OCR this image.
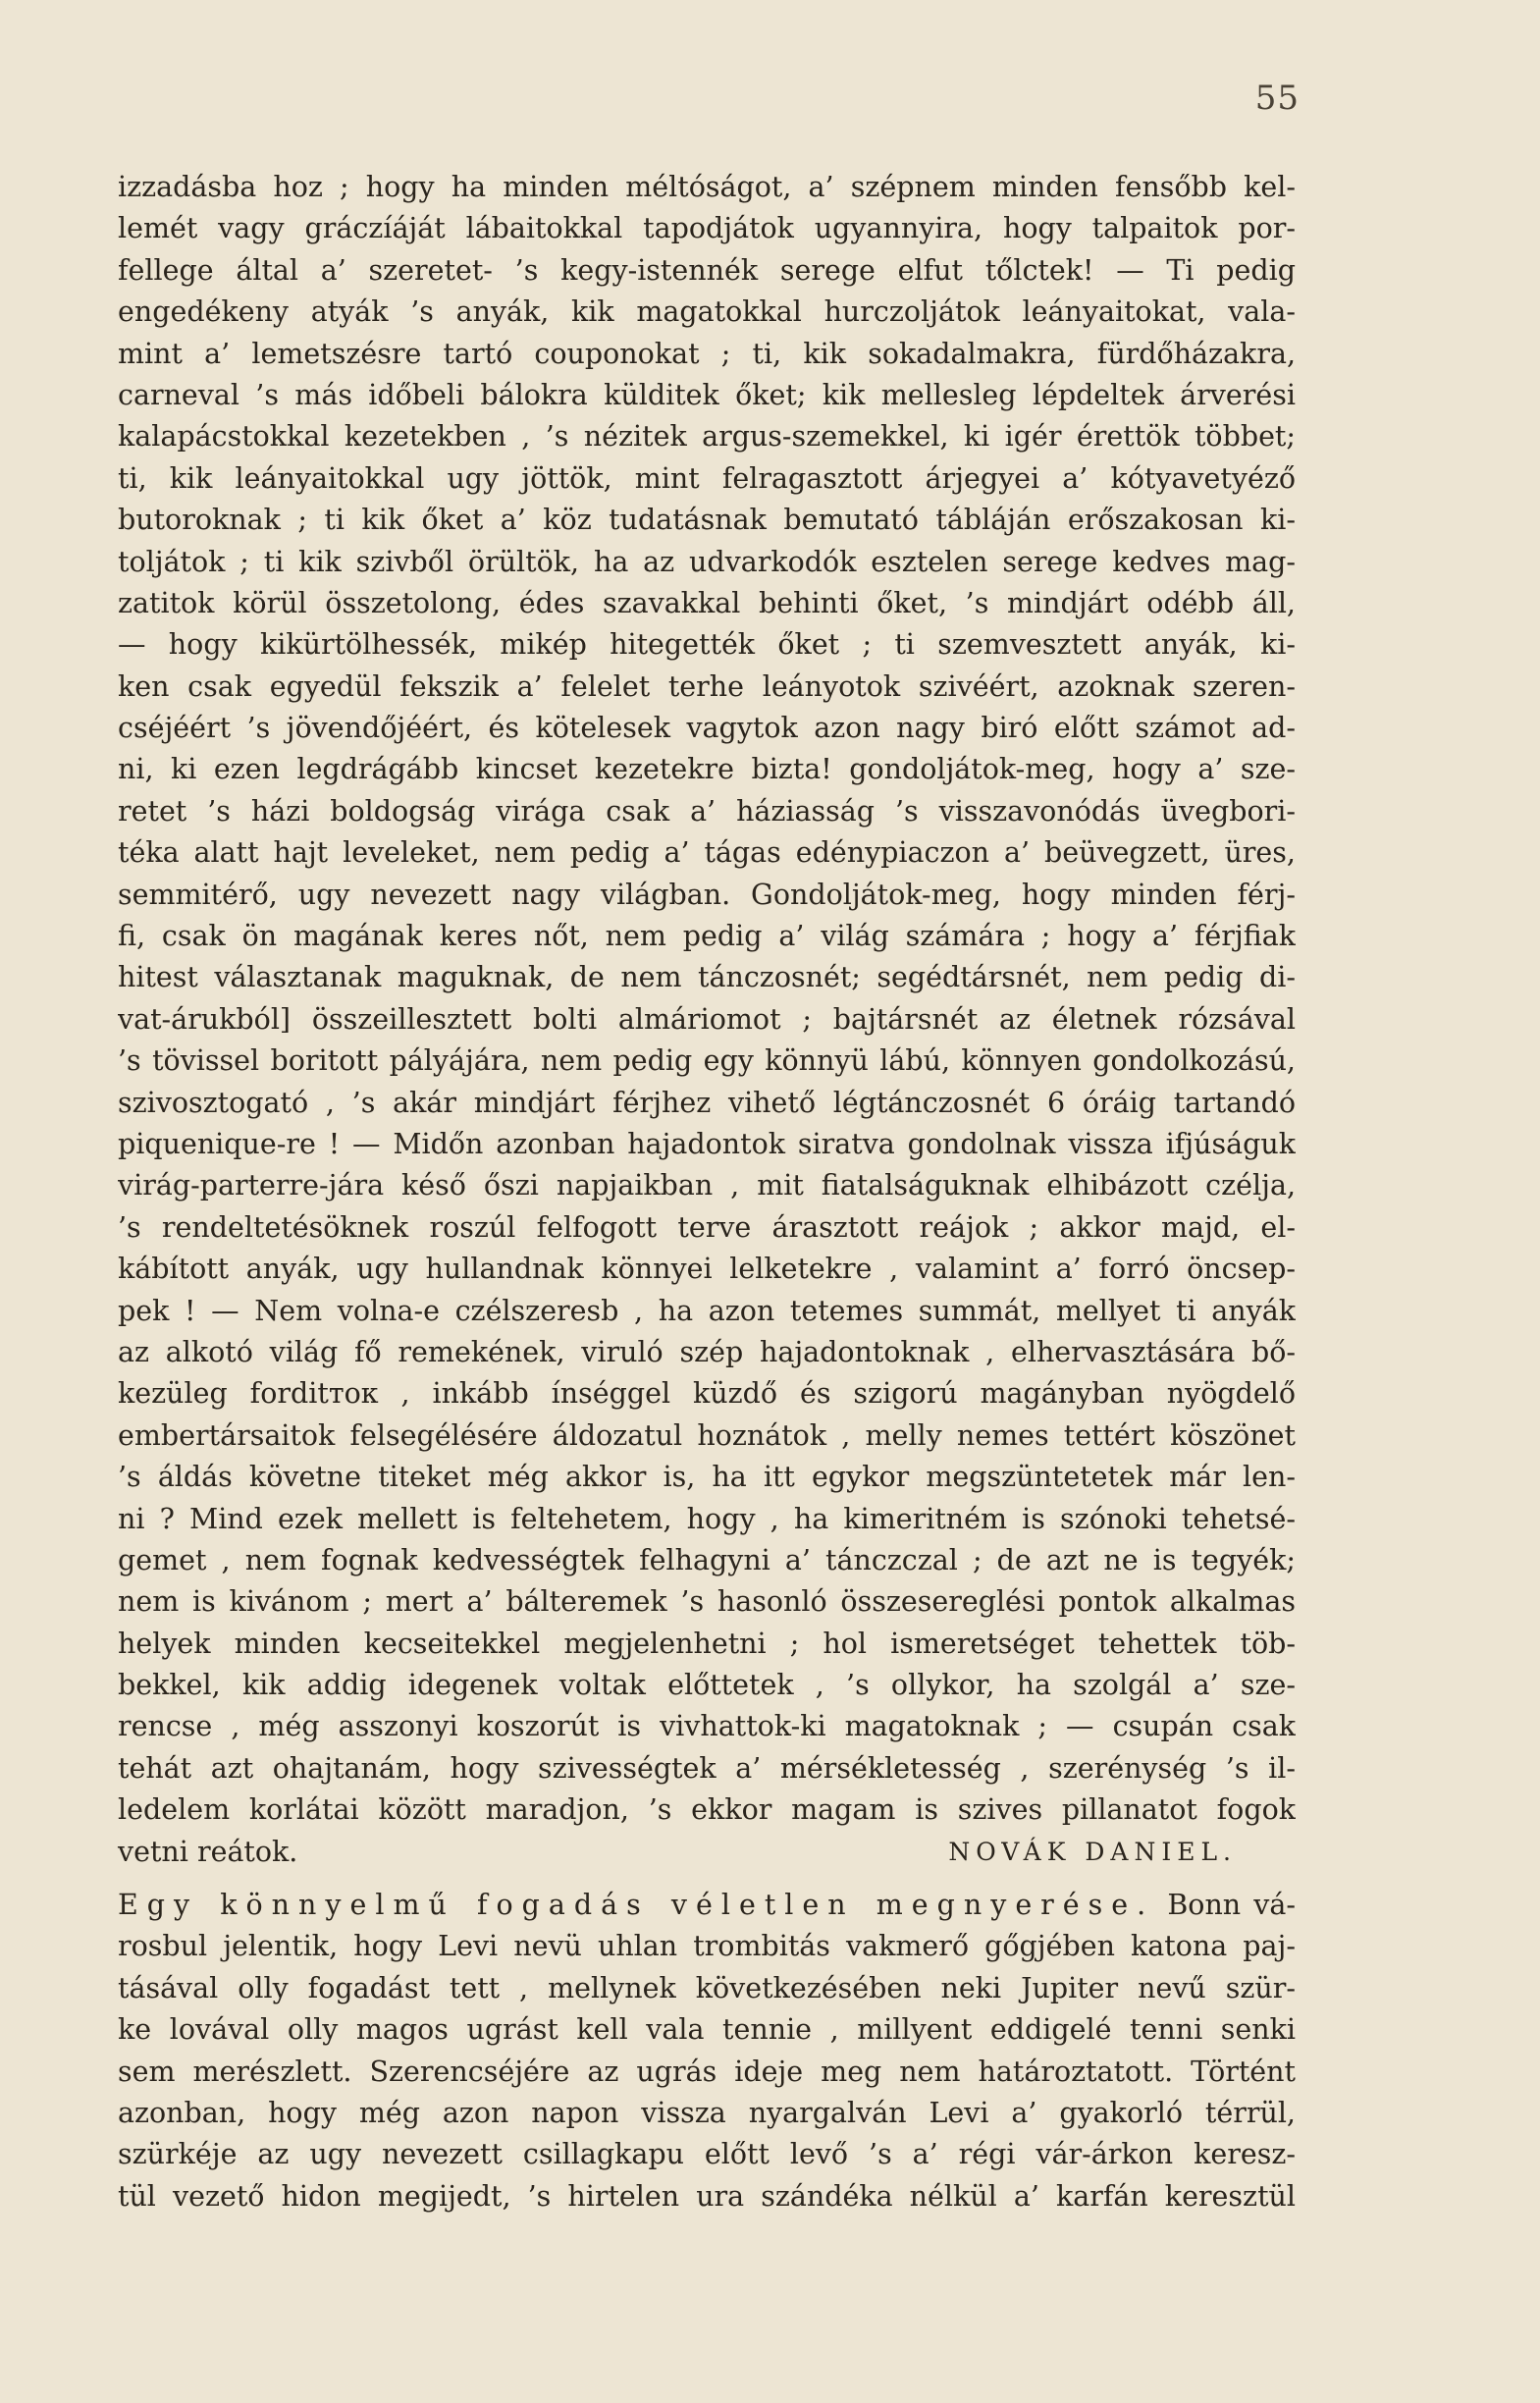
55
izzadásba hoz ; hogy ha minden méltóságot, a’ szépnem minden fensőbb kel-
lemét vagy gráczíáját lábaitokkal tapodjátok ugyannyira, hogy talpaitok por-
fellege által a’ szeretet- ’s kegy-istennék serege elfut tőlctek! — Ti pedig
engedékeny atyák ’s anyák, kik magatokkal hurczoljátok leányaitokat, vala-
mint a’ lemetszésre tartó couponokat ; ti, kik sokadalmakra, fürdőházakra,
carneval ’s más időbeli bálokra külditek őket; kik mellesleg lépdeltek árverési
kalapácstokkal kezetekben , ’s nézitek argus-szemekkel, ki igér érettök többet;
ti, kik leányaitokkal ugy jöttök, mint felragasztott árjegyei a’ kótyavetyéző
butoroknak ; ti kik őket a’ köz tudatásnak bemutató tábláján erőszakosan ki-
toljátok ; ti kik szivből örültök, ha az udvarkodók esztelen serege kedves mag-
zatitok körül összetolong, édes szavakkal behinti őket, ’s mindjárt odébb áll,
— hogy kikürtölhessék, mikép hitegették őket ; ti szemvesztett anyák, ki-
ken csak egyedül fekszik a’ felelet terhe leányotok szivéért, azoknak szeren-
cséjéért ’s jövendőjéért, és kötelesek vagytok azon nagy biró előtt számot ad-
ni, ki ezen legdrágább kincset kezetekre bizta! gondoljátok-meg, hogy a’ sze-
retet ’s házi boldogság virága csak a’ háziasság ’s visszavonódás üvegbori-
téka alatt hajt leveleket, nem pedig a’ tágas edénypiaczon a’ beüvegzett, üres,
semmitérő, ugy nevezett nagy világban. Gondoljátok-meg, hogy minden férj-
fi, csak ön magának keres nőt, nem pedig a’ világ számára ; hogy a’ férjfiak
hitest választanak maguknak, de nem tánczosnét; segédtársnét, nem pedig di-
vat-árukból] összeillesztett bolti almáriomot ; bajtársnét az életnek rózsával
’s tövissel boritott pályájára, nem pedig egy könnyü lábú, könnyen gondolkozású,
szivosztogató , ’s akár mindjárt férjhez vihető légtánczosnét 6 óráig tartandó
piquenique-re ! — Midőn azonban hajadontok siratva gondolnak vissza ifjúságuk
virág-parterre-jára késő őszi napjaikban , mit fiatalságuknak elhibázott czélja,
’s rendeltetésöknek roszúl felfogott terve árasztott reájok ; akkor majd, el-
kábított anyák, ugy hullandnak könnyei lelketekre , valamint a’ forró öncsep-
pek ! — Nem volna-e czélszeresb , ha azon tetemes summát, mellyet ti anyák
az alkotó világ fő remekének, viruló szép hajadontoknak , elhervasztására bő-
kezüleg forditток , inkább ínséggel küzdő és szigorú magányban nyögdelő
embertársaitok felsegélésére áldozatul hoznátok , melly nemes tettért köszönet
’s áldás követne titeket még akkor is, ha itt egykor megszüntetetek már len-
ni ? Mind ezek mellett is feltehetem, hogy , ha kimeritném is szónoki tehetsé-
gemet , nem fognak kedvességtek felhagyni a’ tánczczal ; de azt ne is tegyék;
nem is kivánom ; mert a’ bálteremek ’s hasonló összesereglési pontok alkalmas
helyek minden kecseitekkel megjelenhetni ; hol ismeretséget tehettek töb-
bekkel, kik addig idegenek voltak előttetek , ’s ollykor, ha szolgál a’ sze-
rencse , még asszonyi koszorút is vivhattok-ki magatoknak ; — csupán csak
tehát azt ohajtanám, hogy szivességtek a’ mérsékletesség , szerénység ’s il-
ledelem korlátai között maradjon, ’s ekkor magam is szives pillanatot fogok
vetni reátok.	NOVÁK DANIEL.
Egy könnyelmű fogadás véletlen megnyerése. Bonn vá-
rosbul jelentik, hogy Levi nevü uhlan trombitás vakmerő gőgjében katona paj-
tásával olly fogadást tett , mellynek következésében neki Jupiter nevű szür-
ke lovával olly magos ugrást kell vala tennie , millyent eddigelé tenni senki
sem merészlett. Szerencséjére az ugrás ideje meg nem határoztatott. Történt
azonban, hogy még azon napon vissza nyargalván Levi a’ gyakorló térrül,
szürkéje az ugy nevezett csillagkapu előtt levő ’s a’ régi vár-árkon keresz-
tül vezető hidon megijedt, ’s hirtelen ura szándéka nélkül a’ karfán keresztül
